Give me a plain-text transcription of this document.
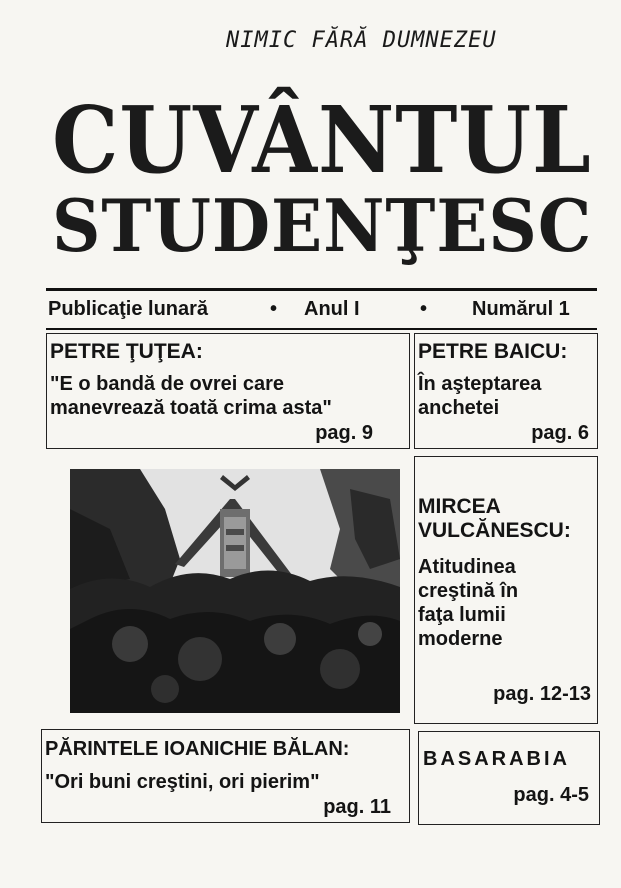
NIMIC FĂRĂ DUMNEZEU
CUVÂNTUL
STUDENŢESC
Publicaţie lunară	• Anul I	• Numărul 1
PETRE ŢUŢEA:
"E o bandă de ovrei care
manevrează toată crima asta"
pag. 9
PETRE BAICU:
În aşteptarea
anchetei
pag. 6
MIRCEA
VULCĂNESCU:
Atitudinea
creştină în
faţa lumii
moderne
pag. 12-13
PĂRINTELE IOANICHIE BĂLAN:
"Ori buni creştini, ori pierim"
pag. 11
BASARABIA
pag. 4-5
